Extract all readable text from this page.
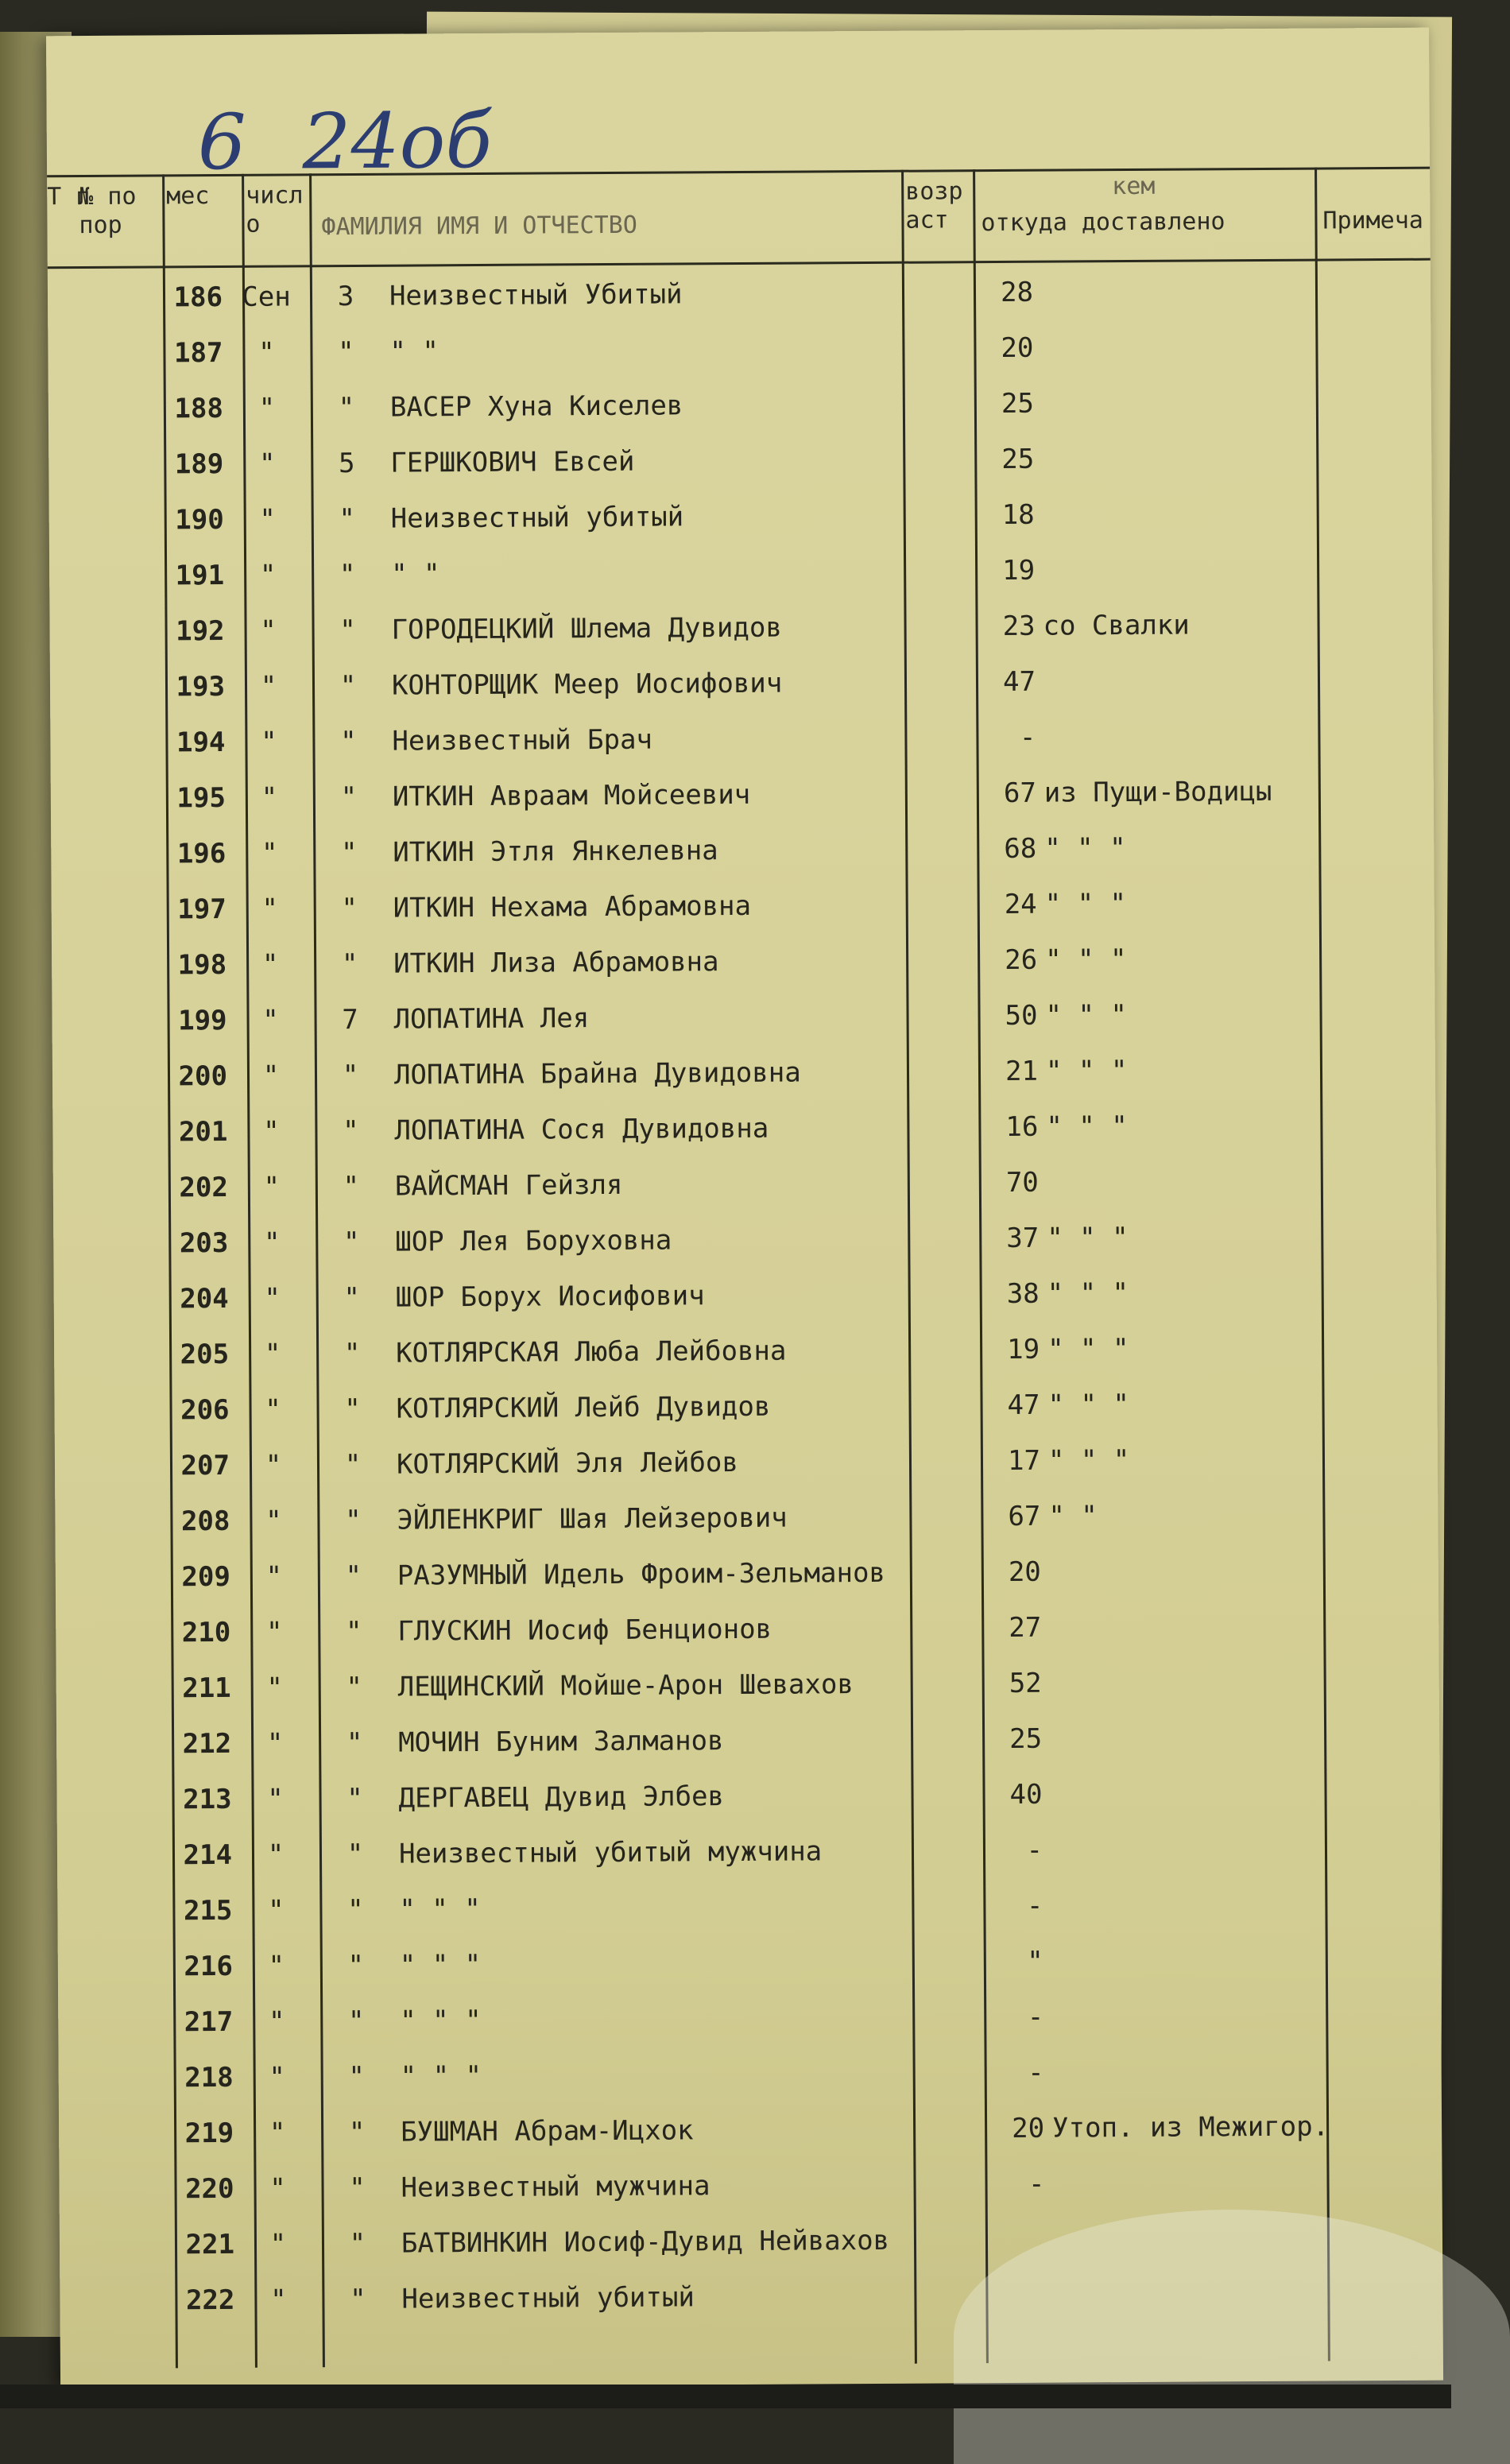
6 24об
Т п
№ по пор
мес	число	ФАМИЛИЯ ИМЯ И ОТЧЕСТВО
возраст
кем
откуда доставлено	Примеча
186 Сен	3	Неизвестный Убитый	28
187	"	"	" "	20
188	"	"	ВАСЕР Хуна Киселев	25
189	"	5	ГЕРШКОВИЧ Евсей	25
190	"	"	Неизвестный убитый	18
191	"	"	" "	19
192	"	"	ГОРОДЕЦКИЙ Шлема Дувидов	23 со Свалки
193	"	"	КОНТОРЩИК Меер Иосифович	47
194	"	"	Неизвестный Брач	-
195	"	"	ИТКИН Авраам Мойсеевич	67 из Пущи-Водицы
196	"	"	ИТКИН Этля Янкелевна	68 " " "
197	"	"	ИТКИН Нехама Абрамовна	24 " " "
198	"	"	ИТКИН Лиза Абрамовна	26 " " "
199	"	7	ЛОПАТИНА Лея	50 " " "
200	"	"	ЛОПАТИНА Брайна Дувидовна	21 " " "
201	"	"	ЛОПАТИНА Сося Дувидовна	16 " " "
202	"	"	ВАЙСМАН Гейзля	70
203	"	"	ШОР Лея Боруховна	37 " " "
204	"	"	ШОР Борух Иосифович	38 " " "
205	"	"	КОТЛЯРСКАЯ Люба Лейбовна	19 " " "
206	"	"	КОТЛЯРСКИЙ Лейб Дувидов	47 " " "
207	"	"	КОТЛЯРСКИЙ Эля Лейбов	17 " " "
208	"	"	ЭЙЛЕНКРИГ Шая Лейзерович	67 " "
209	"	"	РАЗУМНЫЙ Идель Фроим-Зельманов	20
210	"	"	ГЛУСКИН Иосиф Бенционов	27
211	"	"	ЛЕЩИНСКИЙ Мойше-Арон Шевахов	52
212	"	"	МОЧИН Буним Залманов	25
213	"	"	ДЕРГАВЕЦ Дувид Элбев	40
214	"	"	Неизвестный убитый мужчина	-
215	"	"	" " "	-
216	"	"	" " "	"
217	"	"	" " "	-
218	"	"	" " "	-
219	"	"	БУШМАН Абрам-Ицхок	20 Утоп. из Межигор.
220	"	"	Неизвестный мужчина	-
221	"	"	БАТВИНКИН Иосиф-Дувид Нейвахов
222	"	"	Неизвестный убитый
